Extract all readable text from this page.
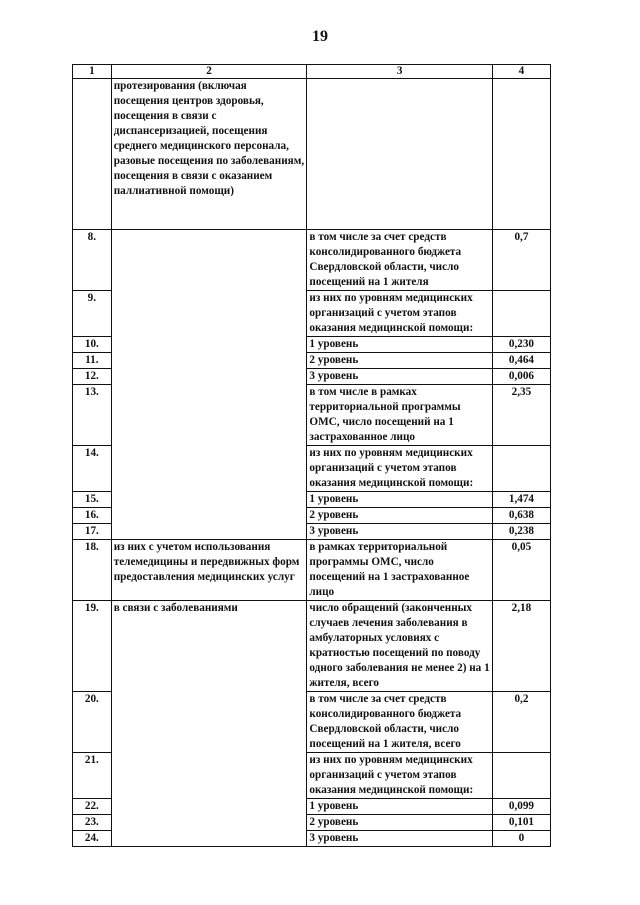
19
1	2	3	4
	протезирования (включая посещения центров здоровья, посещения в связи с диспансеризацией, посещения среднего медицинского персонала, разовые посещения по заболеваниям, посещения в связи с оказанием паллиативной помощи)		
8.		в том числе за счет средств консолидированного бюджета Свердловской области, число посещений на 1 жителя	0,7
9.		из них по уровням медицинских организаций с учетом этапов оказания медицинской помощи:	
10.		1 уровень	0,230
11.		2 уровень	0,464
12.		3 уровень	0,006
13.		в том числе в рамках территориальной программы ОМС, число посещений на 1 застрахованное лицо	2,35
14.		из них по уровням медицинских организаций с учетом этапов оказания медицинской помощи:	
15.		1 уровень	1,474
16.		2 уровень	0,638
17.		3 уровень	0,238
18.	из них с учетом использования телемедицины и передвижных форм предоставления медицинских услуг	в рамках территориальной программы ОМС, число посещений на 1 застрахованное лицо	0,05
19.	в связи с заболеваниями	число обращений (законченных случаев лечения заболевания в амбулаторных условиях с кратностью посещений по поводу одного заболевания не менее 2) на 1 жителя, всего	2,18
20.		в том числе за счет средств консолидированного бюджета Свердловской области, число посещений на 1 жителя, всего	0,2
21.		из них по уровням медицинских организаций с учетом этапов оказания медицинской помощи:	
22.		1 уровень	0,099
23.		2 уровень	0,101
24.		3 уровень	0
